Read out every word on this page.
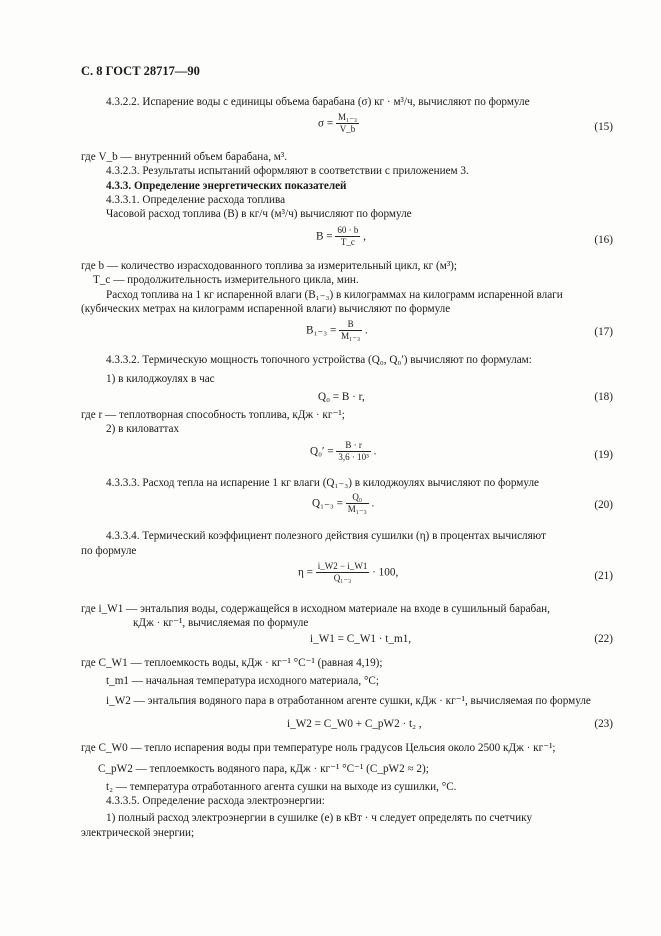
С. 8 ГОСТ 28717—90
4.3.2.2. Испарение воды с единицы объема барабана (σ) кг · м³/ч, вычисляют по формуле
$\sigma = \frac{\text{M₁₋₃}}{V\_b}$	(15)
где V_b — внутренний объем барабана, м³.
4.3.2.3. Результаты испытаний оформляют в соответствии с приложением 3.
4.3.3. Определение энергетических показателей
4.3.3.1. Определение расхода топлива
Часовой расход топлива (B) в кг/ч (м³/ч) вычисляют по формуле
$B = \frac{60 \cdot b}{T\_c}$ ,	(16)
где b — количество израсходованного топлива за измерительный цикл, кг (м³);
T_c — продолжительность измерительного цикла, мин.
Расход топлива на 1 кг испаренной влаги (B₁₋₃) в килограммах на килограмм испаренной влаги
(кубических метрах на килограмм испаренной влаги) вычисляют по формуле
$B_{1-3} = \frac{B}{\text{M₁₋₃}}$ .	(17)
4.3.3.2. Термическую мощность топочного устройства (Q₀, Q₀′) вычисляют по формулам:
1) в килоджоулях в час
Q₀ = B · r,	(18)
где r — теплотворная способность топлива, кДж · кг⁻¹;
2) в киловаттах
$Q_0' = \frac{B \cdot r}{\text{3,6 · 10³}}$ .	(19)
4.3.3.3. Расход тепла на испарение 1 кг влаги (Q₁₋₃) в килоджоулях вычисляют по формуле
$Q_{1-3} = \frac{\text{Q₀}}{\text{M₁₋₃}}$ .	(20)
4.3.3.4. Термический коэффициент полезного действия сушилки (η) в процентах вычисляют
по формуле
$\eta = \frac{i\_W2 - i\_W1}{\text{Q₁₋₃}} \cdot 100$,	(21)
где i_W1 — энтальпия воды, содержащейся в исходном материале на входе в сушильный барабан,
кДж · кг⁻¹, вычисляемая по формуле
i_W1 = C_W1 · t_m1,	(22)
где C_W1 — теплоемкость воды, кДж · кг⁻¹ °C⁻¹ (равная 4,19);
t_m1 — начальная температура исходного материала, °C;
i_W2 — энтальпия водяного пара в отработанном агенте сушки, кДж · кг⁻¹, вычисляемая по формуле
i_W2 = C_W0 + C_pW2 · t₂ ,	(23)
где C_W0 — тепло испарения воды при температуре ноль градусов Цельсия около 2500 кДж · кг⁻¹;
C_pW2 — теплоемкость водяного пара, кДж · кг⁻¹ °C⁻¹ (C_pW2 ≈ 2);
t₂ — температура отработанного агента сушки на выходе из сушилки, °C.
4.3.3.5. Определение расхода электроэнергии:
1) полный расход электроэнергии в сушилке (e) в кВт · ч следует определять по счетчику
электрической энергии;
